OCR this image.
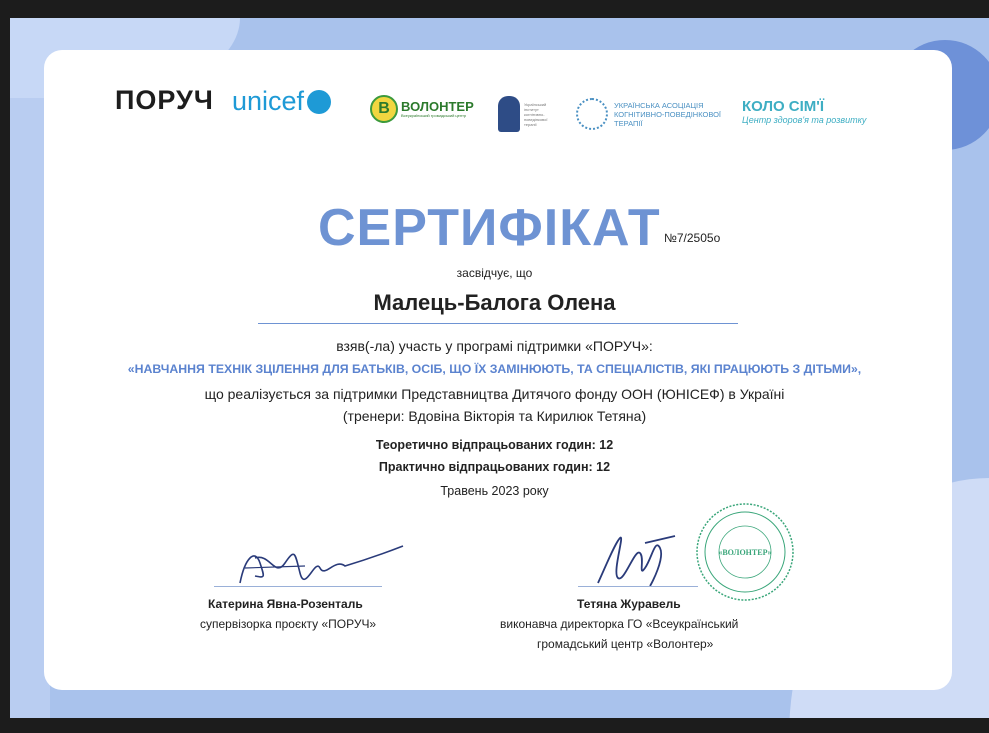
ПОРУЧ unicef	В ВОЛОНТЕР
Всеукраїнський громадський центр
Український інститут когнітивно-поведінкової терапії
УКРАЇНСЬКА АСОЦІАЦІЯ
КОГНІТИВНО-ПОВЕДІНКОВОЇ
ТЕРАПІЇ
КОЛО СІМ'Ї
Центр здоров'я та розвитку
СЕРТИФІКАТ №7/2505о
засвідчує, що
Малець-Балога Олена
взяв(-ла) участь у програмі підтримки «ПОРУЧ»:
«НАВЧАННЯ ТЕХНІК ЗЦІЛЕННЯ ДЛЯ БАТЬКІВ, ОСІБ, ЩО ЇХ ЗАМІНЮЮТЬ, ТА СПЕЦІАЛІСТІВ, ЯКІ ПРАЦЮЮТЬ З ДІТЬМИ»,
що реалізується за підтримки Представництва Дитячого фонду ООН (ЮНІСЕФ) в Україні
(тренери: Вдовіна Вікторія та Кирилюк Тетяна)
Теоретично відпрацьованих годин: 12
Практично відпрацьованих годин: 12
Травень 2023 року
«ВОЛОНТЕР»
Катерина Явна-Розенталь
супервізорка проєкту «ПОРУЧ»
Тетяна Журавель
виконавча директорка ГО «Всеукраїнський
громадський центр «Волонтер»
